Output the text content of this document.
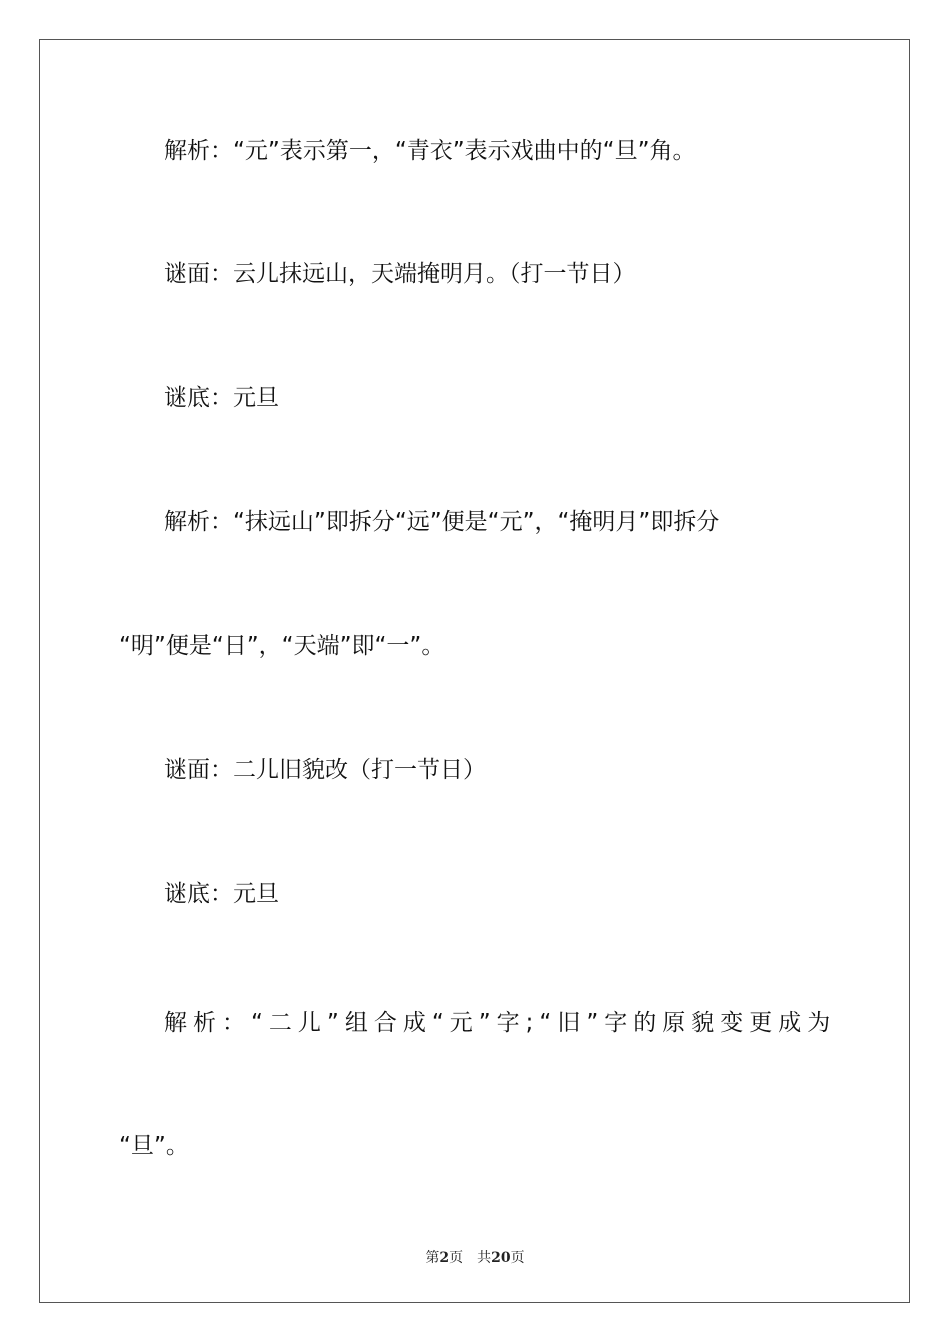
解析：“元”表示第一，“青衣”表示戏曲中的“旦”角。

谜面：云儿抹远山，天端掩明月。（打一节日）

谜底：元旦

解析：“抹远山”即拆分“远”便是“元”，“掩明月”即拆分

“明”便是“日”，“天端”即“一”。

谜面：二儿旧貌改（打一节日）

谜底：元旦

解析：“二儿”组合成“元”字;“旧”字的原貌变更成为

“旦”。

第2页 共20页
